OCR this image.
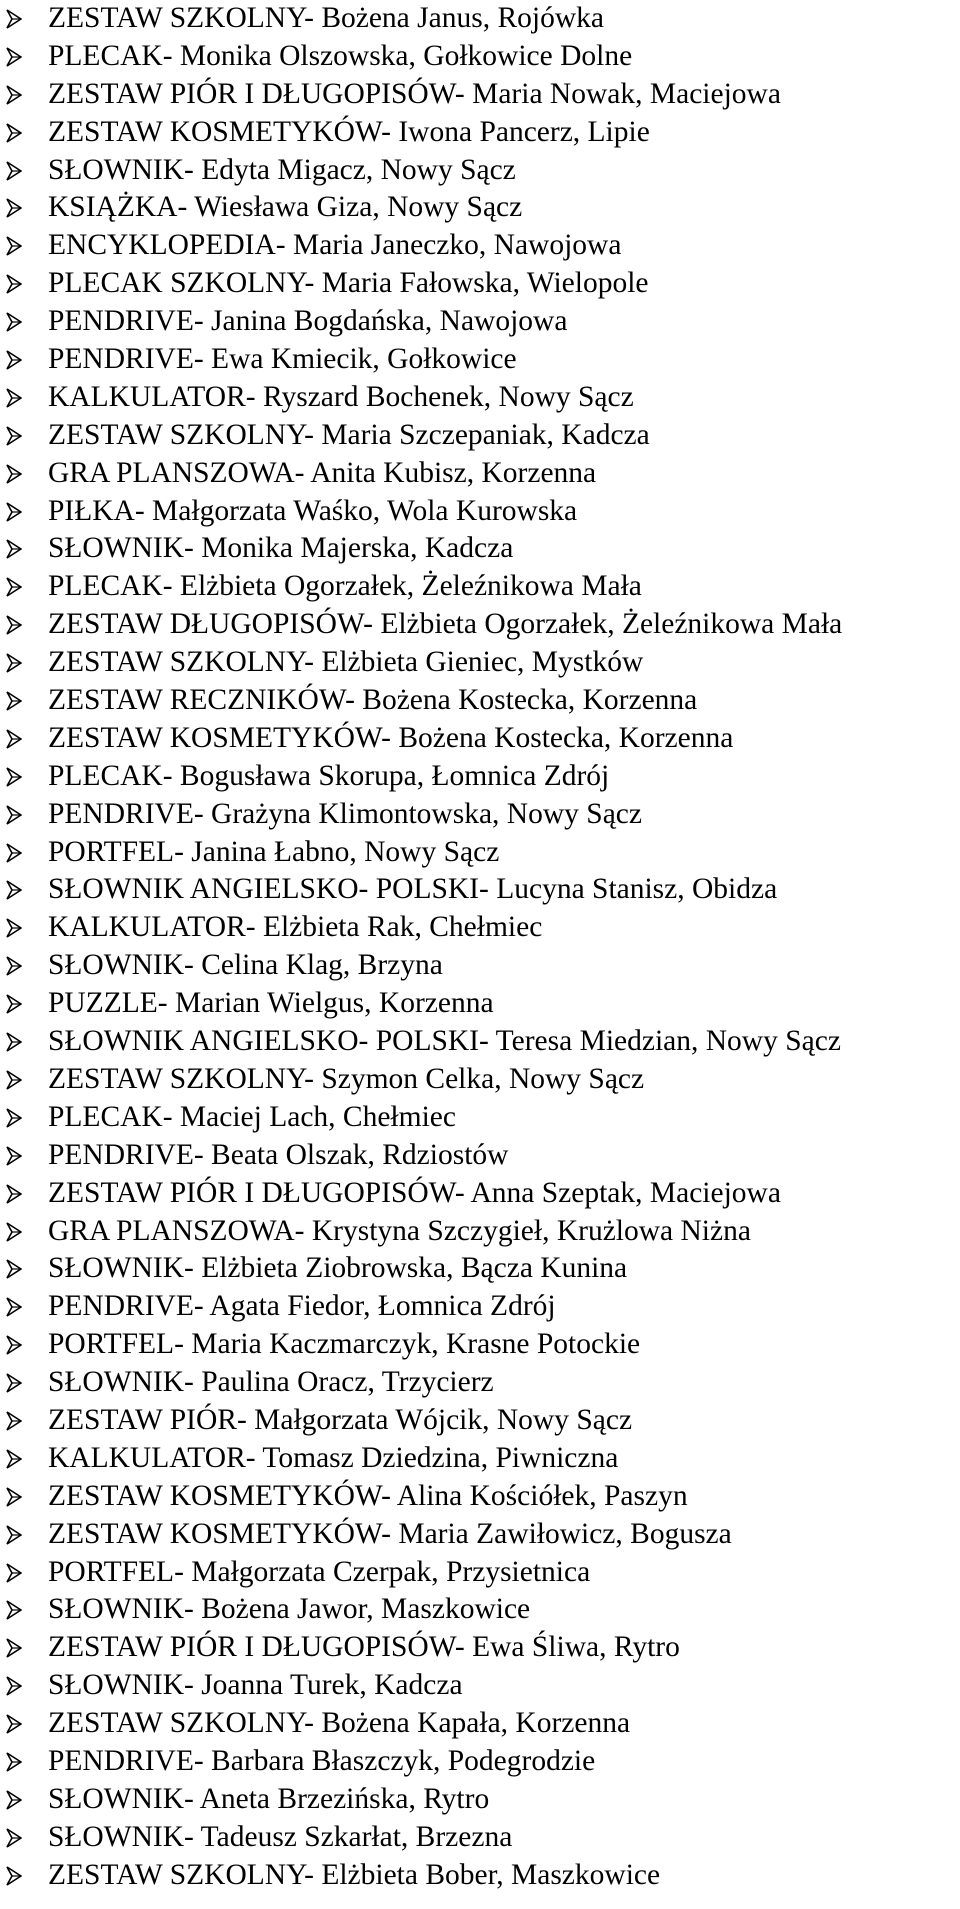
ZESTAW SZKOLNY- Bożena Janus, Rojówka
PLECAK- Monika Olszowska, Gołkowice Dolne
ZESTAW PIÓR I DŁUGOPISÓW- Maria Nowak, Maciejowa
ZESTAW KOSMETYKÓW- Iwona Pancerz, Lipie
SŁOWNIK- Edyta Migacz, Nowy Sącz
KSIĄŻKA- Wiesława Giza, Nowy Sącz
ENCYKLOPEDIA- Maria Janeczko, Nawojowa
PLECAK SZKOLNY- Maria Fałowska, Wielopole
PENDRIVE- Janina Bogdańska, Nawojowa
PENDRIVE- Ewa Kmiecik, Gołkowice
KALKULATOR- Ryszard Bochenek, Nowy Sącz
ZESTAW SZKOLNY- Maria Szczepaniak, Kadcza
GRA PLANSZOWA- Anita Kubisz, Korzenna
PIŁKA- Małgorzata Waśko, Wola Kurowska
SŁOWNIK- Monika Majerska, Kadcza
PLECAK- Elżbieta Ogorzałek, Żeleźnikowa Mała
ZESTAW DŁUGOPISÓW- Elżbieta Ogorzałek, Żeleźnikowa Mała
ZESTAW SZKOLNY- Elżbieta Gieniec, Mystków
ZESTAW RECZNIKÓW- Bożena Kostecka, Korzenna
ZESTAW KOSMETYKÓW- Bożena Kostecka, Korzenna
PLECAK- Bogusława Skorupa, Łomnica Zdrój
PENDRIVE- Grażyna Klimontowska, Nowy Sącz
PORTFEL- Janina Łabno, Nowy Sącz
SŁOWNIK ANGIELSKO- POLSKI- Lucyna Stanisz, Obidza
KALKULATOR- Elżbieta Rak, Chełmiec
SŁOWNIK- Celina Klag, Brzyna
PUZZLE- Marian Wielgus, Korzenna
SŁOWNIK ANGIELSKO- POLSKI- Teresa Miedzian, Nowy Sącz
ZESTAW SZKOLNY- Szymon Celka, Nowy Sącz
PLECAK- Maciej Lach, Chełmiec
PENDRIVE- Beata Olszak, Rdziostów
ZESTAW PIÓR I DŁUGOPISÓW- Anna Szeptak, Maciejowa
GRA PLANSZOWA- Krystyna Szczygieł, Krużlowa Niżna
SŁOWNIK- Elżbieta Ziobrowska, Bącza Kunina
PENDRIVE- Agata Fiedor, Łomnica Zdrój
PORTFEL- Maria Kaczmarczyk, Krasne Potockie
SŁOWNIK- Paulina Oracz, Trzycierz
ZESTAW PIÓR- Małgorzata Wójcik, Nowy Sącz
KALKULATOR- Tomasz Dziedzina, Piwniczna
ZESTAW KOSMETYKÓW- Alina Kościółek, Paszyn
ZESTAW KOSMETYKÓW- Maria Zawiłowicz, Bogusza
PORTFEL- Małgorzata Czerpak, Przysietnica
SŁOWNIK- Bożena Jawor, Maszkowice
ZESTAW PIÓR I DŁUGOPISÓW- Ewa Śliwa, Rytro
SŁOWNIK- Joanna Turek, Kadcza
ZESTAW SZKOLNY- Bożena Kapała, Korzenna
PENDRIVE- Barbara Błaszczyk, Podegrodzie
SŁOWNIK- Aneta Brzezińska, Rytro
SŁOWNIK- Tadeusz Szkarłat, Brzezna
ZESTAW SZKOLNY- Elżbieta Bober, Maszkowice
